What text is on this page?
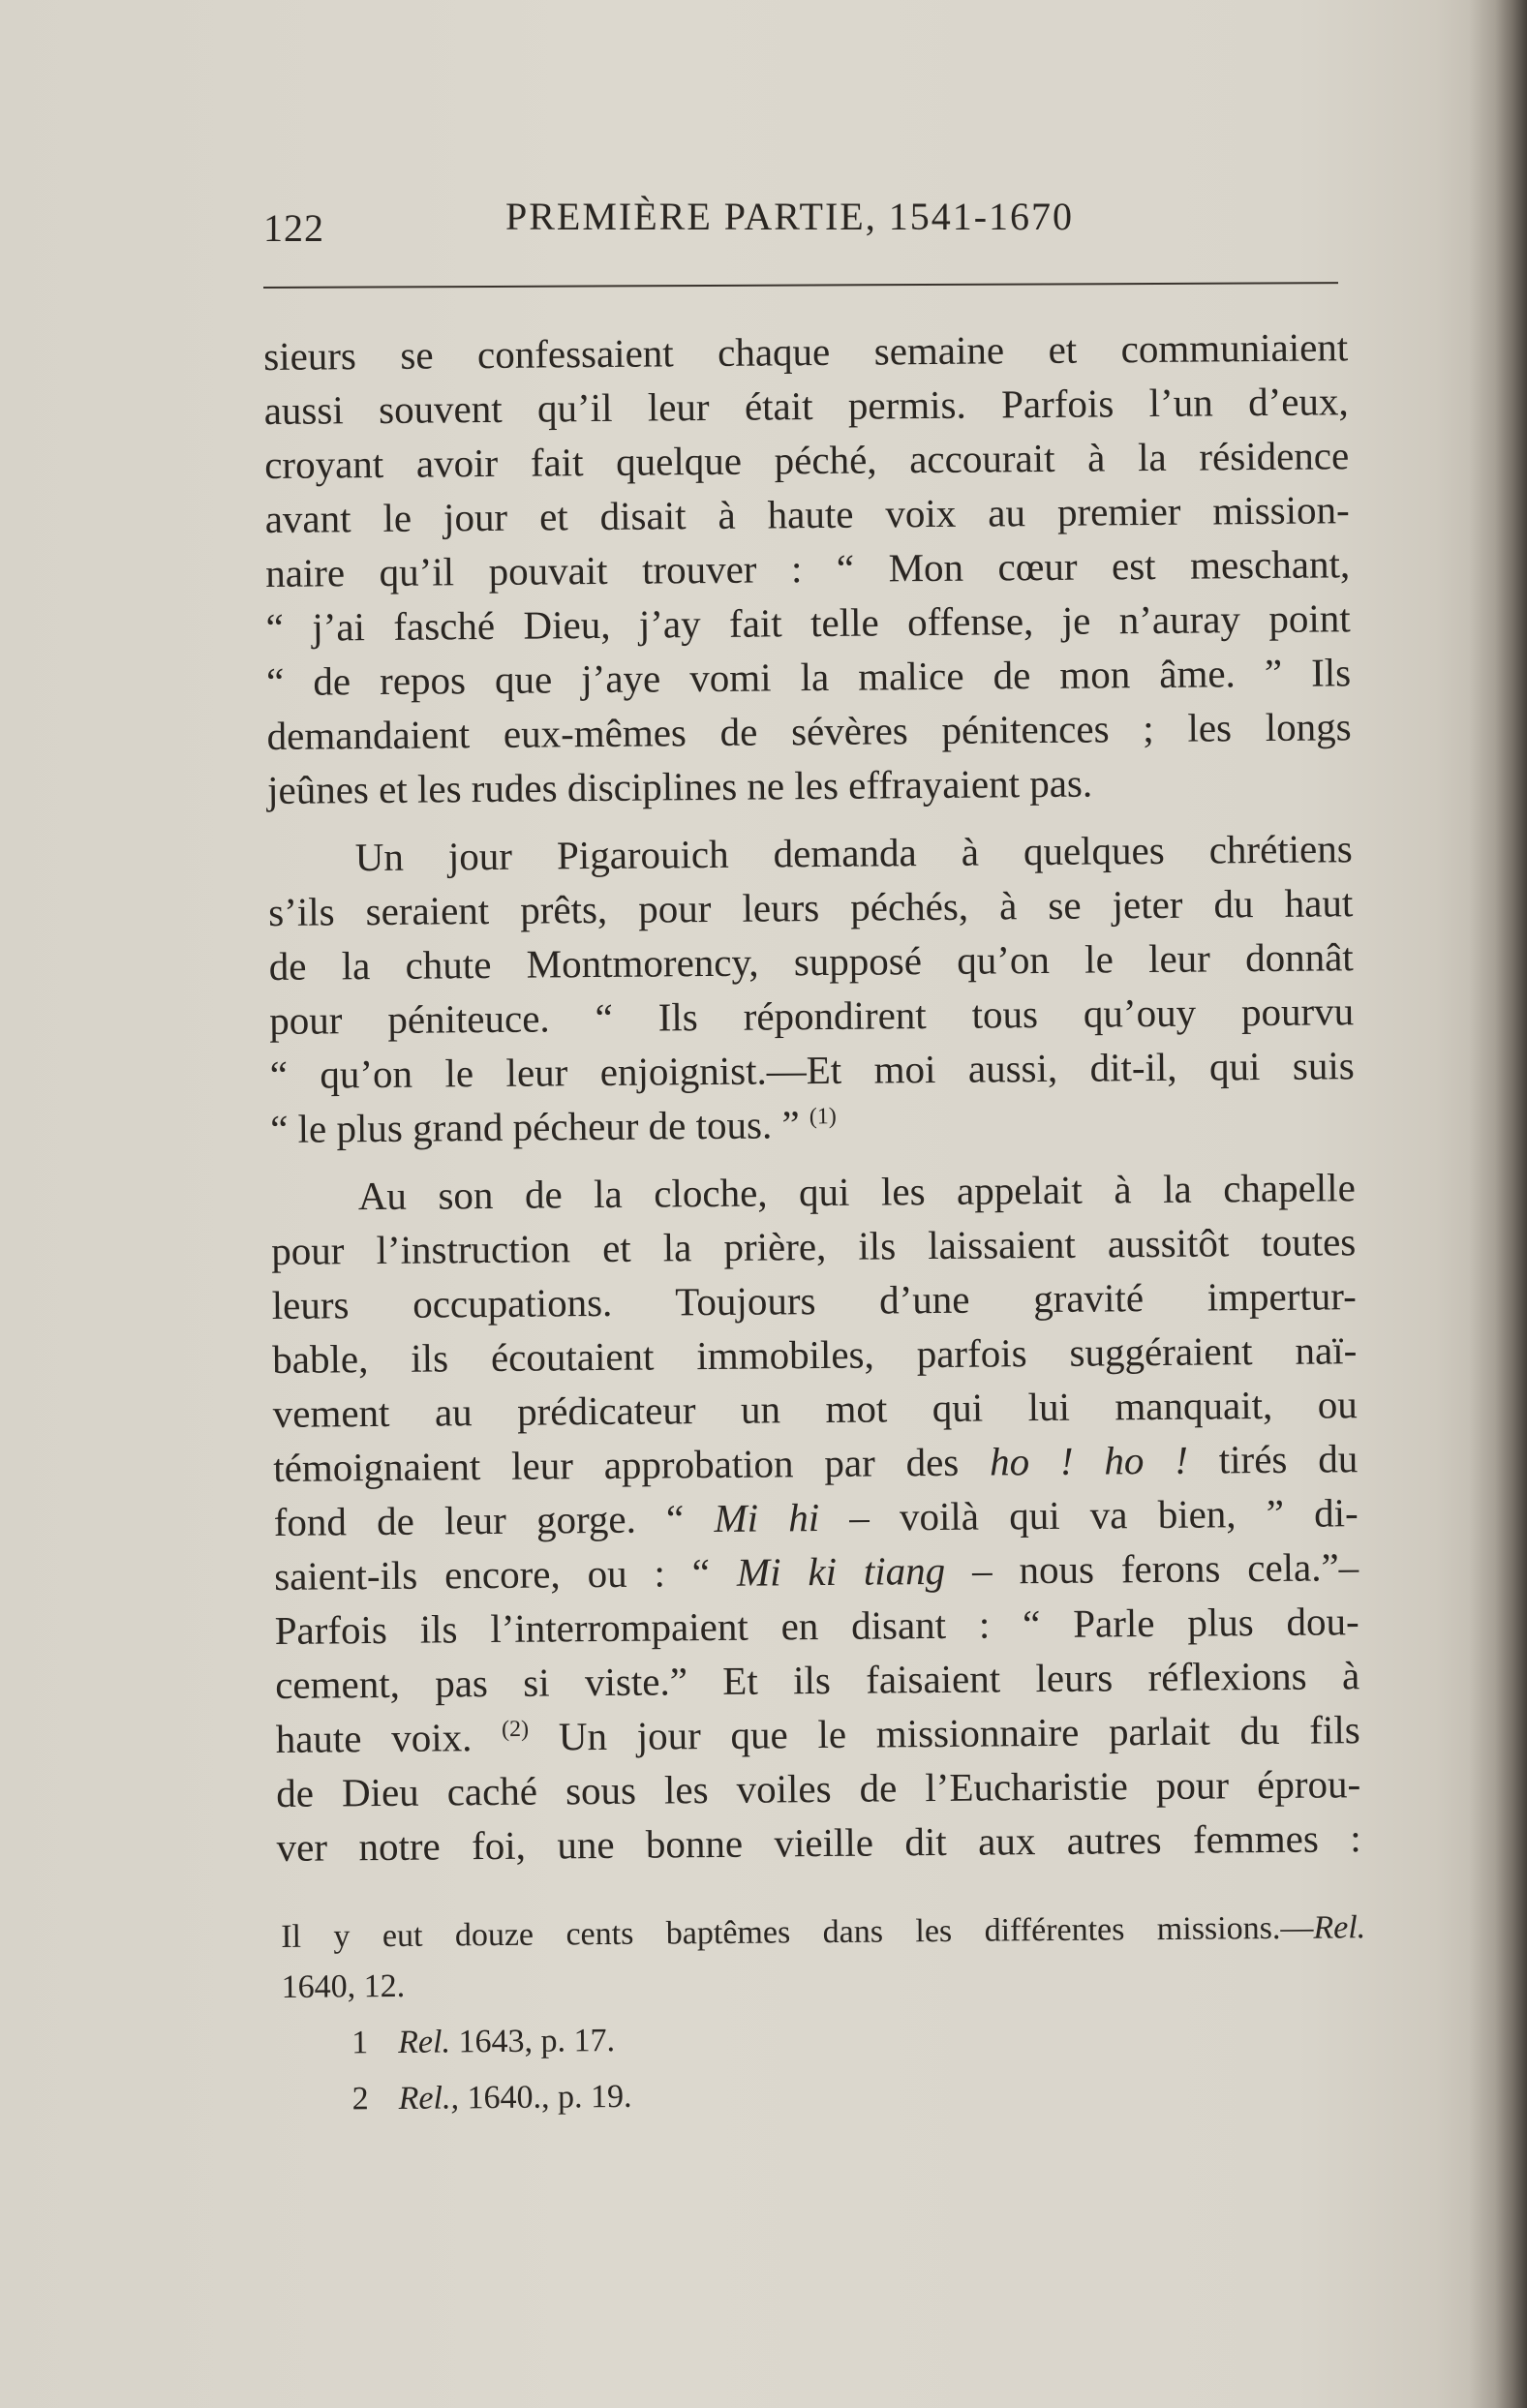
122	PREMIÈRE PARTIE, 1541-1670
sieurs se confessaient chaque semaine et communiaient
aussi souvent qu’il leur était permis. Parfois l’un d’eux,
croyant avoir fait quelque péché, accourait à la résidence
avant le jour et disait à haute voix au premier mission-
naire qu’il pouvait trouver : “ Mon cœur est meschant,
“ j’ai fasché Dieu, j’ay fait telle offense, je n’auray point
“ de repos que j’aye vomi la malice de mon âme. ” Ils
demandaient eux-mêmes de sévères pénitences ; les longs
jeûnes et les rudes disciplines ne les effrayaient pas.
Un jour Pigarouich demanda à quelques chrétiens
s’ils seraient prêts, pour leurs péchés, à se jeter du haut
de la chute Montmorency, supposé qu’on le leur donnât
pour péniteuce. “ Ils répondirent tous qu’ouy pourvu
“ qu’on le leur enjoignist.—Et moi aussi, dit-il, qui suis
“ le plus grand pécheur de tous. ” $^{(1)}$
Au son de la cloche, qui les appelait à la chapelle
pour l’instruction et la prière, ils laissaient aussitôt toutes
leurs occupations. Toujours d’une gravité impertur-
bable, ils écoutaient immobiles, parfois suggéraient naï-
vement au prédicateur un mot qui lui manquait, ou
témoignaient leur approbation par des ho ! ho ! tirés du
fond de leur gorge. “ Mi hi – voilà qui va bien, ” di-
saient-ils encore, ou : “ Mi ki tiang – nous ferons cela.”–
Parfois ils l’interrompaient en disant : “ Parle plus dou-
cement, pas si viste.” Et ils faisaient leurs réflexions à
haute voix. $^{(2)}$ Un jour que le missionnaire parlait du fils
de Dieu caché sous les voiles de l’Eucharistie pour éprou-
ver notre foi, une bonne vieille dit aux autres femmes :
Il y eut douze cents baptêmes dans les différentes missions.—Rel.
1640, 12.
1 Rel. 1643, p. 17.
2 Rel., 1640., p. 19.
